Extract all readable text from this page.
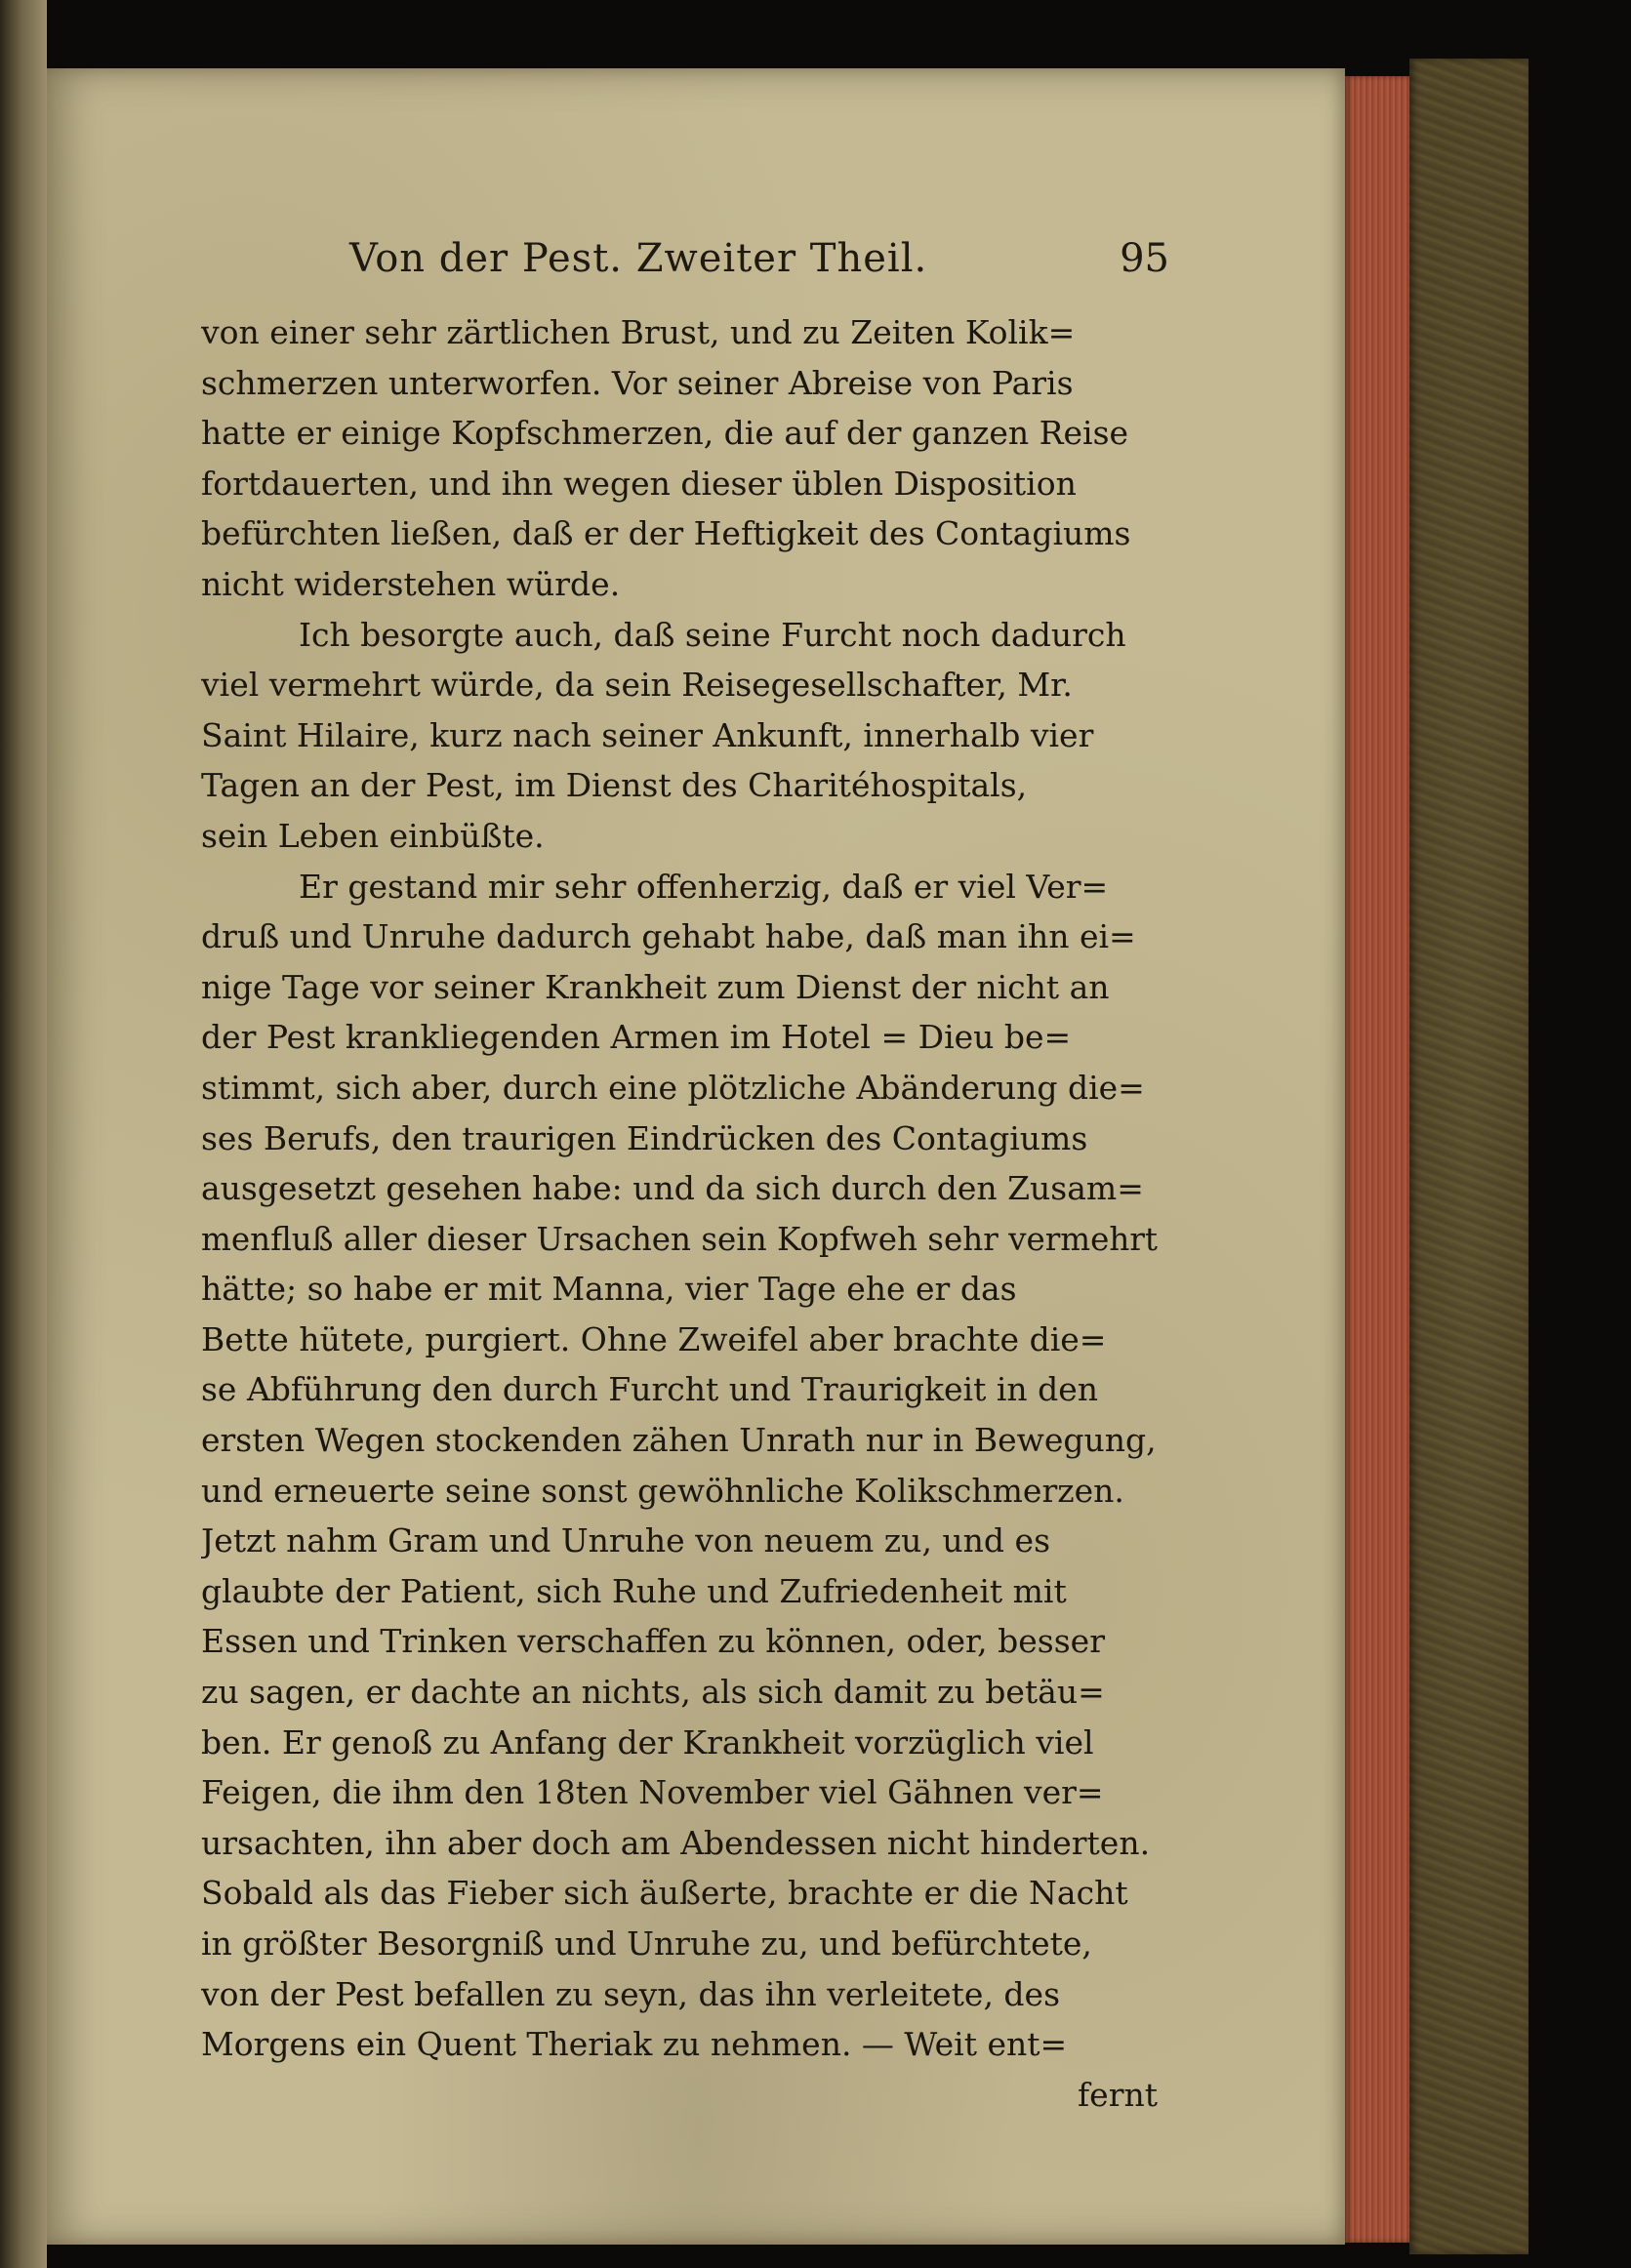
Von der Pest. Zweiter Theil.	95
von einer sehr zärtlichen Brust, und zu Zeiten Kolik=
schmerzen unterworfen. Vor seiner Abreise von Paris
hatte er einige Kopfschmerzen, die auf der ganzen Reise
fortdauerten, und ihn wegen dieser üblen Disposition
befürchten ließen, daß er der Heftigkeit des Contagiums
nicht widerstehen würde.
Ich besorgte auch, daß seine Furcht noch dadurch
viel vermehrt würde, da sein Reisegesellschafter, Mr.
Saint Hilaire, kurz nach seiner Ankunft, innerhalb vier
Tagen an der Pest, im Dienst des Charitéhospitals,
sein Leben einbüßte.
Er gestand mir sehr offenherzig, daß er viel Ver=
druß und Unruhe dadurch gehabt habe, daß man ihn ei=
nige Tage vor seiner Krankheit zum Dienst der nicht an
der Pest krankliegenden Armen im Hotel = Dieu be=
stimmt, sich aber, durch eine plötzliche Abänderung die=
ses Berufs, den traurigen Eindrücken des Contagiums
ausgesetzt gesehen habe: und da sich durch den Zusam=
menfluß aller dieser Ursachen sein Kopfweh sehr vermehrt
hätte; so habe er mit Manna, vier Tage ehe er das
Bette hütete, purgiert. Ohne Zweifel aber brachte die=
se Abführung den durch Furcht und Traurigkeit in den
ersten Wegen stockenden zähen Unrath nur in Bewegung,
und erneuerte seine sonst gewöhnliche Kolikschmerzen.
Jetzt nahm Gram und Unruhe von neuem zu, und es
glaubte der Patient, sich Ruhe und Zufriedenheit mit
Essen und Trinken verschaffen zu können, oder, besser
zu sagen, er dachte an nichts, als sich damit zu betäu=
ben. Er genoß zu Anfang der Krankheit vorzüglich viel
Feigen, die ihm den 18ten November viel Gähnen ver=
ursachten, ihn aber doch am Abendessen nicht hinderten.
Sobald als das Fieber sich äußerte, brachte er die Nacht
in größter Besorgniß und Unruhe zu, und befürchtete,
von der Pest befallen zu seyn, das ihn verleitete, des
Morgens ein Quent Theriak zu nehmen. — Weit ent=
fernt
